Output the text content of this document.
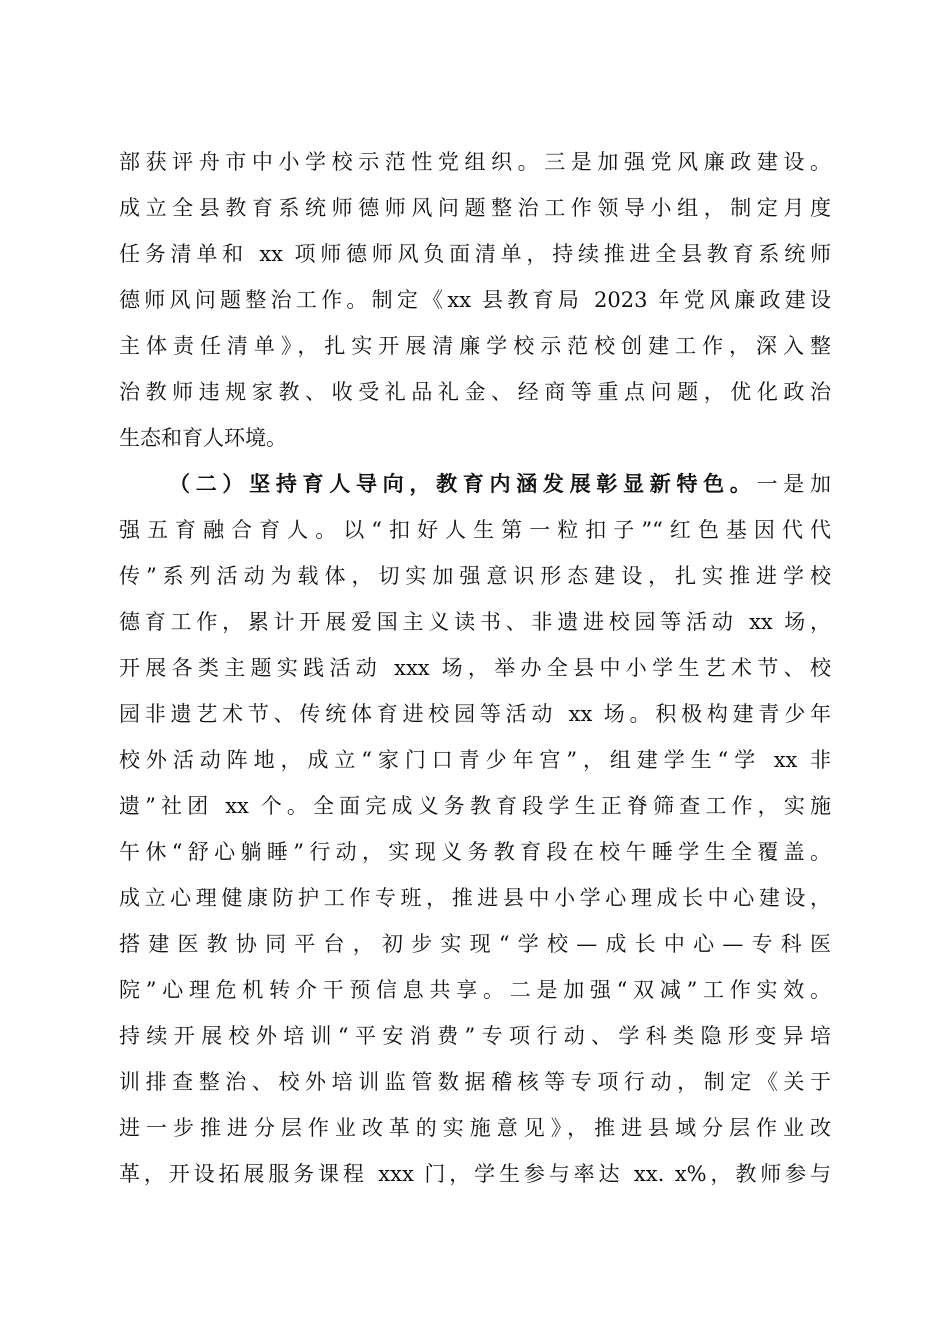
部获评舟市中小学校示范性党组织。三是加强党风廉政建设。
成立全县教育系统师德师风问题整治工作领导小组，制定月度
任务清单和 xx 项师德师风负面清单，持续推进全县教育系统师
德师风问题整治工作。制定《xx 县教育局 2023 年党风廉政建设
主体责任清单》，扎实开展清廉学校示范校创建工作，深入整
治教师违规家教、收受礼品礼金、经商等重点问题，优化政治
生态和育人环境。
（二）坚持育人导向，教育内涵发展彰显新特色。一是加
强五育融合育人。以“扣好人生第一粒扣子”“红色基因代代
传”系列活动为载体，切实加强意识形态建设，扎实推进学校
德育工作，累计开展爱国主义读书、非遗进校园等活动 xx 场，
开展各类主题实践活动 xxx 场，举办全县中小学生艺术节、校
园非遗艺术节、传统体育进校园等活动 xx 场。积极构建青少年
校外活动阵地，成立“家门口青少年宫”，组建学生“学 xx 非
遗”社团 xx 个。全面完成义务教育段学生正脊筛查工作，实施
午休“舒心躺睡”行动，实现义务教育段在校午睡学生全覆盖。
成立心理健康防护工作专班，推进县中小学心理成长中心建设，
搭建医教协同平台，初步实现“学校—成长中心—专科医
院”心理危机转介干预信息共享。二是加强“双减”工作实效。
持续开展校外培训“平安消费”专项行动、学科类隐形变异培
训排查整治、校外培训监管数据稽核等专项行动，制定《关于
进一步推进分层作业改革的实施意见》，推进县域分层作业改
革，开设拓展服务课程 xxx 门，学生参与率达 xx. x%，教师参与
